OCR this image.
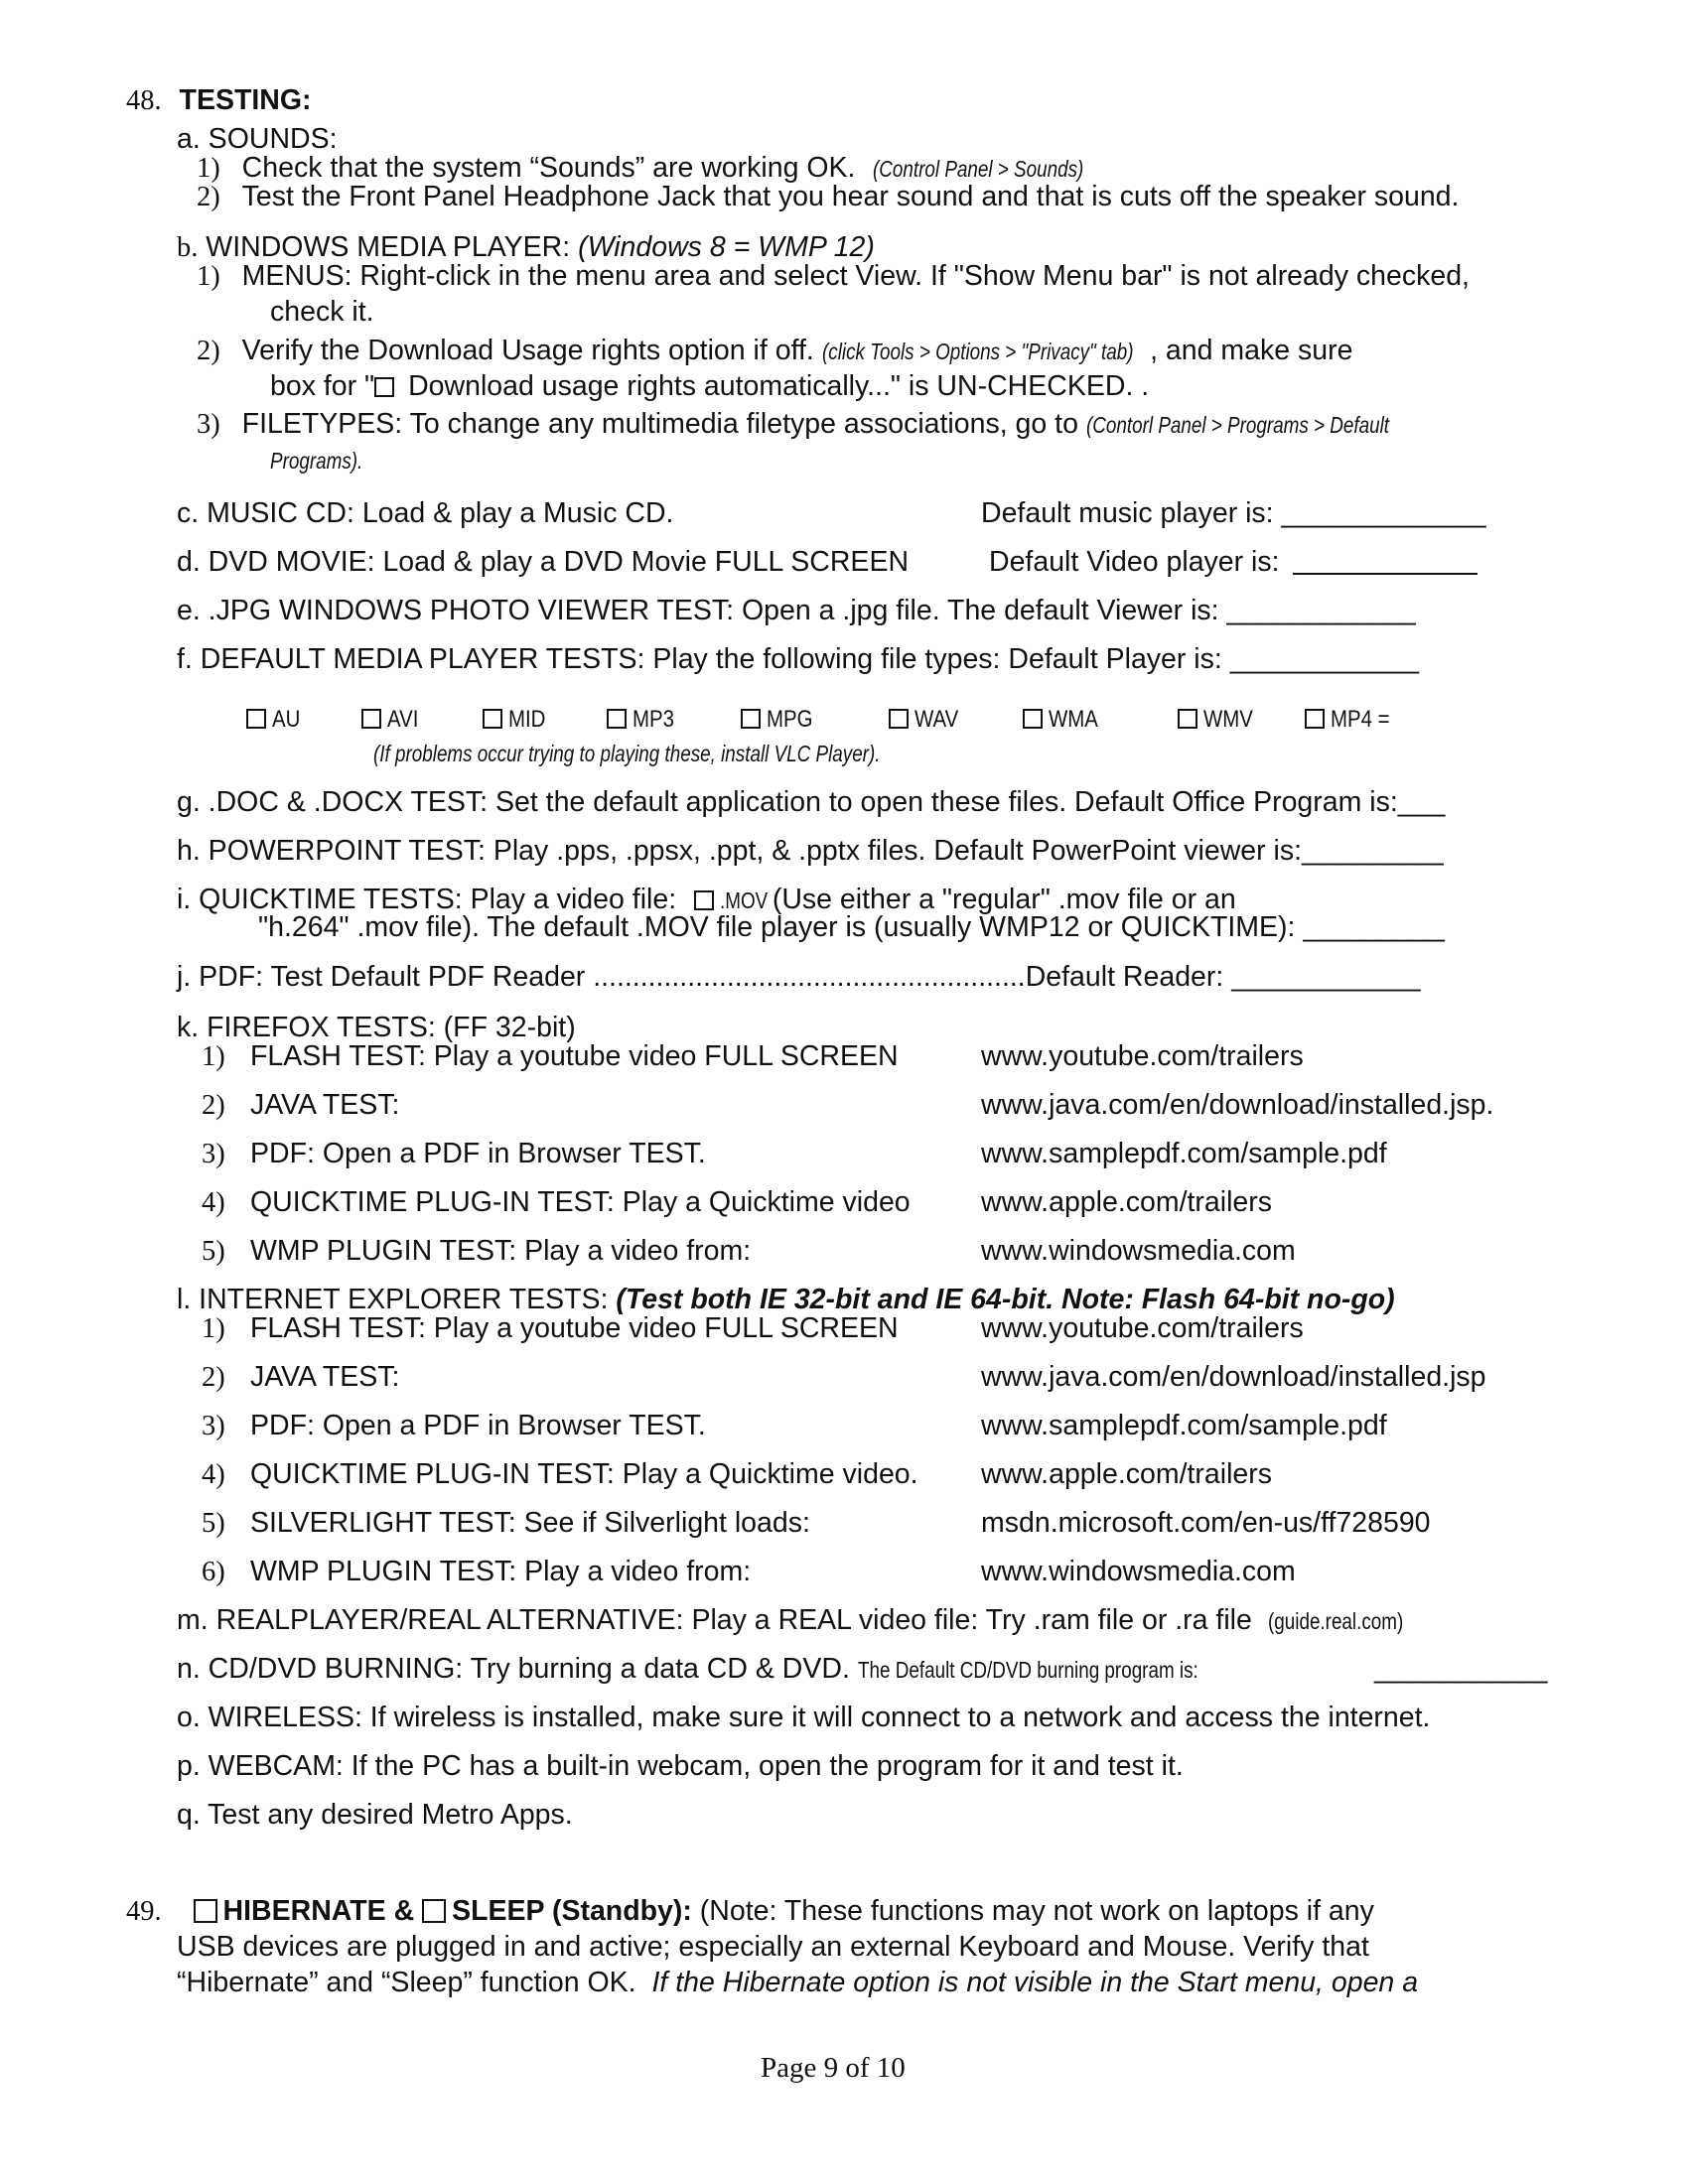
48. TESTING:
a. SOUNDS:
1) Check that the system “Sounds” are working OK. (Control Panel > Sounds)
2) Test the Front Panel Headphone Jack that you hear sound and that is cuts off the speaker sound.
b. WINDOWS MEDIA PLAYER: (Windows 8 = WMP 12)
1) MENUS: Right-click in the menu area and select View. If "Show Menu bar" is not already checked,
check it.
2) Verify the Download Usage rights option if off. (click Tools > Options > "Privacy" tab) , and make sure
box for " Download usage rights automatically..." is UN-CHECKED. .
3) FILETYPES: To change any multimedia filetype associations, go to (Contorl Panel > Programs > Default
Programs).
c. MUSIC CD: Load & play a Music CD.	Default music player is: _____________
d. DVD MOVIE: Load & play a DVD Movie FULL SCREEN	Default Video player is:
e. .JPG WINDOWS PHOTO VIEWER TEST: Open a .jpg file. The default Viewer is: ____________
f. DEFAULT MEDIA PLAYER TESTS: Play the following file types: Default Player is: ____________
AU	AVI	MID	MP3	MPG	WAV	WMA	WMV	MP4 =
(If problems occur trying to playing these, install VLC Player).
g. .DOC & .DOCX TEST: Set the default application to open these files. Default Office Program is:___
h. POWERPOINT TEST: Play .pps, .ppsx, .ppt, & .pptx files. Default PowerPoint viewer is:_________
i. QUICKTIME TESTS: Play a video file: .MOV (Use either a "regular" .mov file or an
"h.264" .mov file). The default .MOV file player is (usually WMP12 or QUICKTIME): _________
j. PDF: Test Default PDF Reader .......................................................Default Reader: ____________
k. FIREFOX TESTS: (FF 32-bit)
1) FLASH TEST: Play a youtube video FULL SCREEN	www.youtube.com/trailers
2) JAVA TEST:	www.java.com/en/download/installed.jsp.
3) PDF: Open a PDF in Browser TEST.	www.samplepdf.com/sample.pdf
4) QUICKTIME PLUG-IN TEST: Play a Quicktime video	www.apple.com/trailers
5) WMP PLUGIN TEST: Play a video from:	www.windowsmedia.com
l. INTERNET EXPLORER TESTS: (Test both IE 32-bit and IE 64-bit. Note: Flash 64-bit no-go)
1) FLASH TEST: Play a youtube video FULL SCREEN	www.youtube.com/trailers
2) JAVA TEST:	www.java.com/en/download/installed.jsp
3) PDF: Open a PDF in Browser TEST.	www.samplepdf.com/sample.pdf
4) QUICKTIME PLUG-IN TEST: Play a Quicktime video. www.apple.com/trailers
5) SILVERLIGHT TEST: See if Silverlight loads:	msdn.microsoft.com/en-us/ff728590
6) WMP PLUGIN TEST: Play a video from:	www.windowsmedia.com
m. REALPLAYER/REAL ALTERNATIVE: Play a REAL video file: Try .ram file or .ra file (guide.real.com)
n. CD/DVD BURNING: Try burning a data CD & DVD. The Default CD/DVD burning program is:	___________
o. WIRELESS: If wireless is installed, make sure it will connect to a network and access the internet.
p. WEBCAM: If the PC has a built-in webcam, open the program for it and test it.
q. Test any desired Metro Apps.
49. HIBERNATE & SLEEP (Standby): (Note: These functions may not work on laptops if any
USB devices are plugged in and active; especially an external Keyboard and Mouse. Verify that
“Hibernate” and “Sleep” function OK. If the Hibernate option is not visible in the Start menu, open a
Page 9 of 10
